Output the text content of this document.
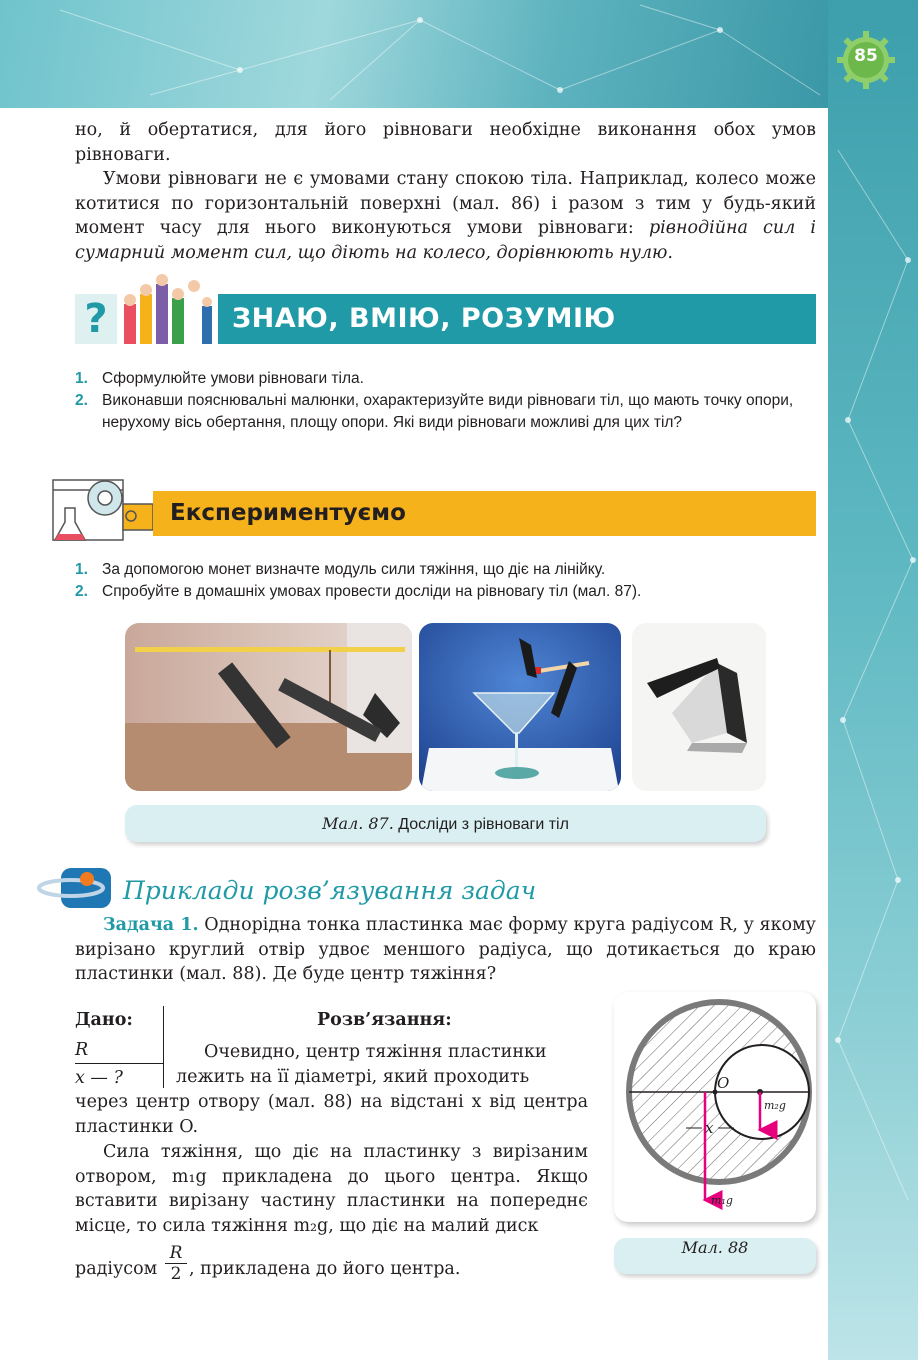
85
но, й обертатися, для його рівноваги необхідне виконання обох умов рівноваги.
Умови рівноваги не є умовами стану спокою тіла. Наприклад, колесо може котитися по горизонтальній поверхні (мал. 86) і разом з тим у будь-який момент часу для нього виконуються умови рівноваги: рівнодійна сил і сумарний момент сил, що діють на колесо, дорівнюють нулю.
?	ЗНАЮ, ВМІЮ, РОЗУМІЮ
1. Сформулюйте умови рівноваги тіла.
2. Виконавши пояснювальні малюнки, охарактеризуйте види рівноваги тіл, що мають точку опори, нерухому вісь обертання, площу опори. Які види рівноваги можливі для цих тіл?
Експериментуємо
1. За допомогою монет визначте модуль сили тяжіння, що діє на лінійку.
2. Спробуйте в домашніх умовах провести досліди на рівновагу тіл (мал. 87).
Мал. 87. Досліди з рівноваги тіл
Приклади розв’язування задач
Задача 1. Однорідна тонка пластинка має форму круга радіусом R, у якому вирізано круглий отвір удвоє меншого радіуса, що дотикається до краю пластинки (мал. 88). Де буде центр тяжіння?
Дано:
R
x — ?
Розв’язання:
Очевидно, центр тяжіння пластинки
лежить на її діаметрі, який проходить
через центр отвору (мал. 88) на відстані x від центра пластинки O.
Сила тяжіння, що діє на пластинку з вирізаним отвором, m₁g прикладена до цього центра. Якщо вставити вирізану частину пластинки на попереднє місце, то сила тяжіння m₂g, що діє на малий диск
радіусом $\frac{R}{2}$ , прикладена до його центра.
O
x
m₂g
m₁g
Мал. 88
